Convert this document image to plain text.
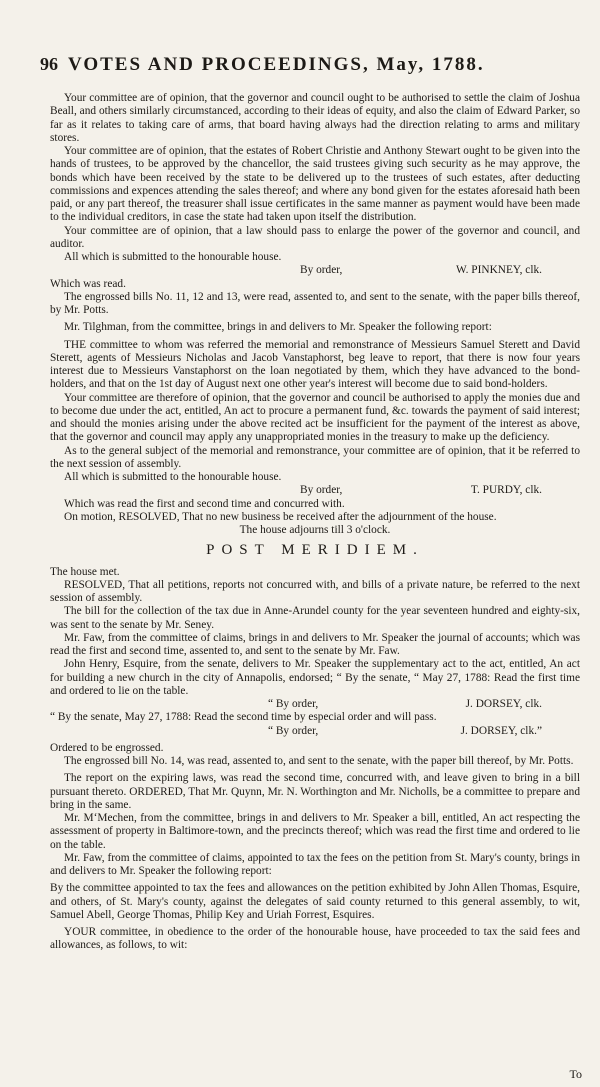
96 VOTES AND PROCEEDINGS, May, 1788.

Your committee are of opinion, that the governor and council ought to be authorised to settle the claim of Joshua Beall, and others similarly circumstanced, according to their ideas of equity, and also the claim of Edward Parker, so far as it relates to taking care of arms, that board having always had the direction relating to arms and military stores.

Your committee are of opinion, that the estates of Robert Christie and Anthony Stewart ought to be given into the hands of trustees, to be approved by the chancellor, the said trustees giving such security as he may approve, the bonds which have been received by the state to be delivered up to the trustees of such estates, after deducting commissions and expences attending the sales thereof; and where any bond given for the estates aforesaid hath been paid, or any part thereof, the treasurer shall issue certificates in the same manner as payment would have been made to the individual creditors, in case the state had taken upon itself the distribution.

Your committee are of opinion, that a law should pass to enlarge the power of the governor and council, and auditor.

All which is submitted to the honourable house.

By order,	W. PINKNEY, clk.

Which was read.

The engrossed bills No. 11, 12 and 13, were read, assented to, and sent to the senate, with the paper bills thereof, by Mr. Potts.

Mr. Tilghman, from the committee, brings in and delivers to Mr. Speaker the following report:

THE committee to whom was referred the memorial and remonstrance of Messieurs Samuel Sterett and David Sterett, agents of Messieurs Nicholas and Jacob Vanstaphorst, beg leave to report, that there is now four years interest due to Messieurs Vanstaphorst on the loan negotiated by them, which they have advanced to the bond-holders, and that on the 1st day of August next one other year's interest will become due to said bond-holders.

Your committee are therefore of opinion, that the governor and council be authorised to apply the monies due and to become due under the act, entitled, An act to procure a permanent fund, &c. towards the payment of said interest; and should the monies arising under the above recited act be insufficient for the payment of the interest as above, that the governor and council may apply any unappropriated monies in the treasury to make up the deficiency.

As to the general subject of the memorial and remonstrance, your committee are of opinion, that it be referred to the next session of assembly.

All which is submitted to the honourable house.

By order,	T. PURDY, clk.

Which was read the first and second time and concurred with.

On motion, RESOLVED, That no new business be received after the adjournment of the house.

The house adjourns till 3 o'clock.
POST MERIDIEM.

The house met.

RESOLVED, That all petitions, reports not concurred with, and bills of a private nature, be referred to the next session of assembly.

The bill for the collection of the tax due in Anne-Arundel county for the year seventeen hundred and eighty-six, was sent to the senate by Mr. Seney.

Mr. Faw, from the committee of claims, brings in and delivers to Mr. Speaker the journal of accounts; which was read the first and second time, assented to, and sent to the senate by Mr. Faw.

John Henry, Esquire, from the senate, delivers to Mr. Speaker the supplementary act to the act, entitled, An act for building a new church in the city of Annapolis, endorsed; “ By the senate, “ May 27, 1788: Read the first time and ordered to lie on the table.

“ By order,	J. DORSEY, clk.

“ By the senate, May 27, 1788: Read the second time by especial order and will pass.

“ By order,	J. DORSEY, clk.”

Ordered to be engrossed.

The engrossed bill No. 14, was read, assented to, and sent to the senate, with the paper bill thereof, by Mr. Potts.

The report on the expiring laws, was read the second time, concurred with, and leave given to bring in a bill pursuant thereto. ORDERED, That Mr. Quynn, Mr. N. Worthington and Mr. Nicholls, be a committee to prepare and bring in the same.

Mr. M‘Mechen, from the committee, brings in and delivers to Mr. Speaker a bill, entitled, An act respecting the assessment of property in Baltimore-town, and the precincts thereof; which was read the first time and ordered to lie on the table.

Mr. Faw, from the committee of claims, appointed to tax the fees on the petition from St. Mary's county, brings in and delivers to Mr. Speaker the following report:

By the committee appointed to tax the fees and allowances on the petition exhibited by John Allen Thomas, Esquire, and others, of St. Mary's county, against the delegates of said county returned to this general assembly, to wit, Samuel Abell, George Thomas, Philip Key and Uriah Forrest, Esquires.

YOUR committee, in obedience to the order of the honourable house, have proceeded to tax the said fees and allowances, as follows, to wit:

To
